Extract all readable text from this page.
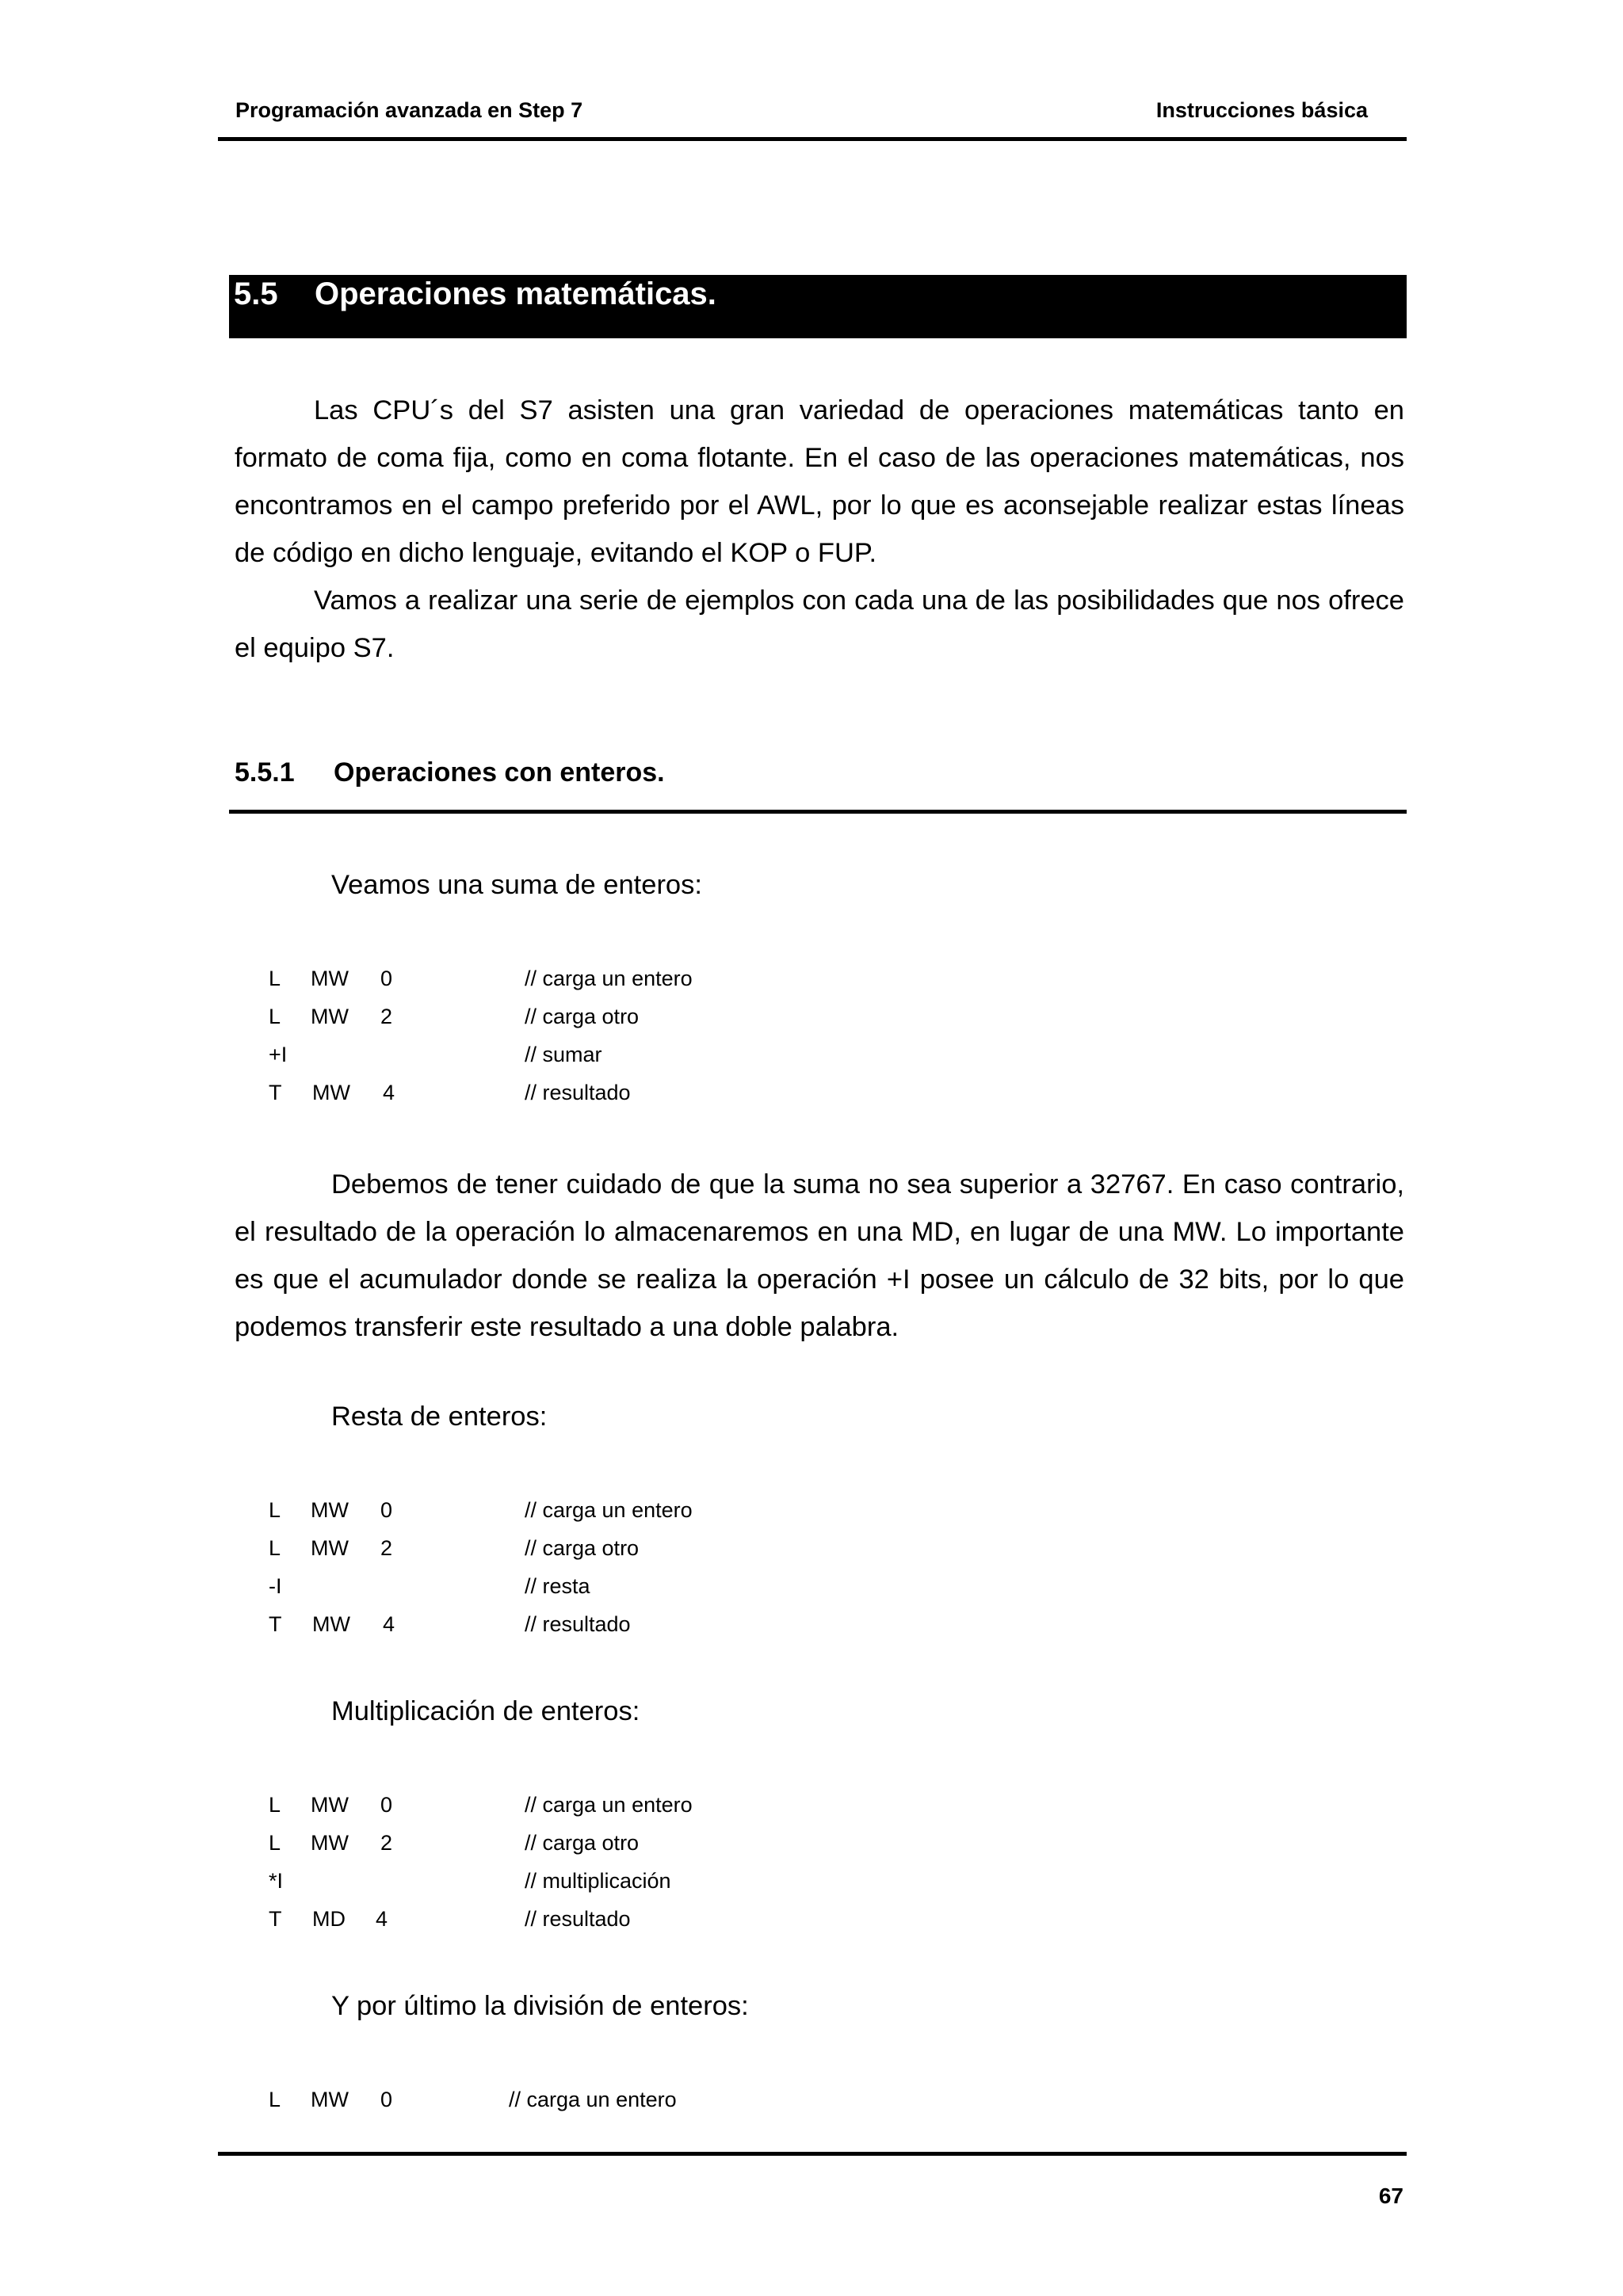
Programación avanzada en Step 7	Instrucciones básica
5.5 Operaciones matemáticas.
Las CPU´s del S7 asisten una gran variedad de operaciones matemáticas tanto en formato de coma fija, como en coma flotante. En el caso de las operaciones matemáticas, nos encontramos en el campo preferido por el AWL, por lo que es aconsejable realizar estas líneas de código en dicho lenguaje, evitando el KOP o FUP.
Vamos a realizar una serie de ejemplos con cada una de las posibilidades que nos ofrece el equipo S7.
5.5.1 Operaciones con enteros.
Veamos una suma de enteros:
L MW 0	// carga un entero
L MW 2	// carga otro
+I	// sumar
T MW 4	// resultado
Debemos de tener cuidado de que la suma no sea superior a 32767. En caso contrario, el resultado de la operación lo almacenaremos en una MD, en lugar de una MW. Lo importante es que el acumulador donde se realiza la operación +I posee un cálculo de 32 bits, por lo que podemos transferir este resultado a una doble palabra.
Resta de enteros:
L MW 0	// carga un entero
L MW 2	// carga otro
-I	// resta
T MW 4	// resultado
Multiplicación de enteros:
L MW 0	// carga un entero
L MW 2	// carga otro
*I	// multiplicación
T MD 4	// resultado
Y por último la división de enteros:
L MW 0	// carga un entero
67
